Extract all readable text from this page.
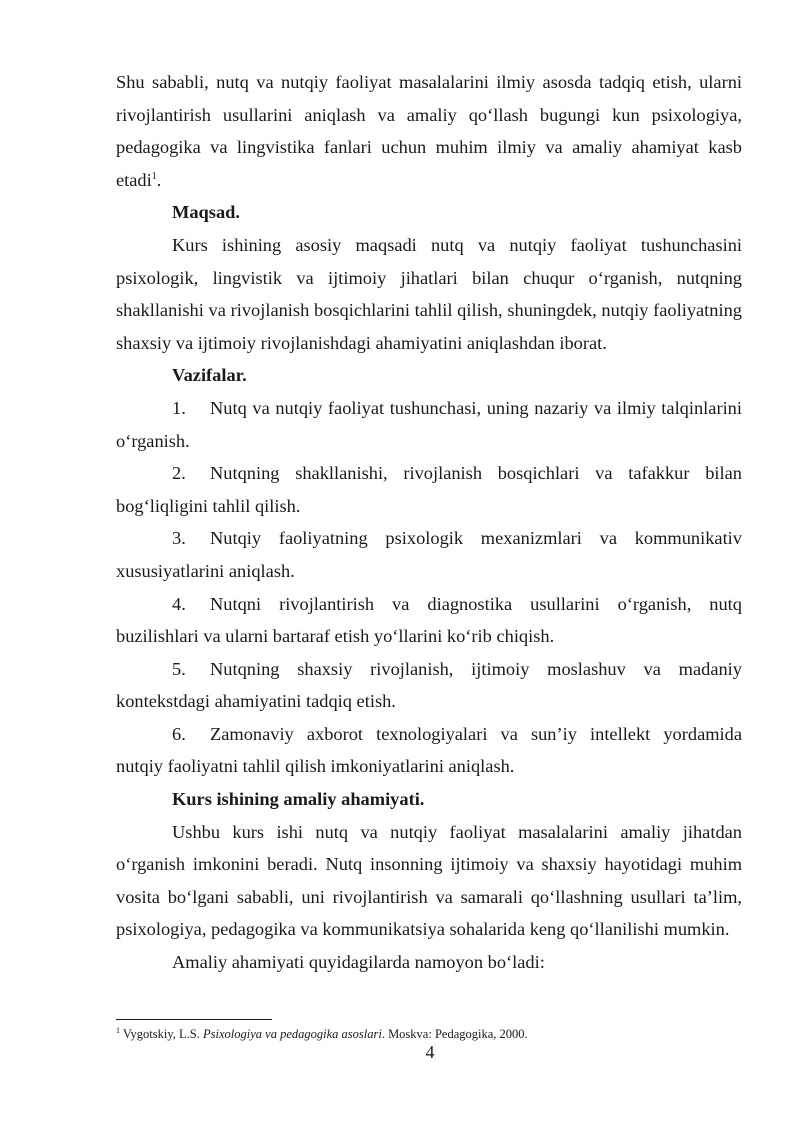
Shu sababli, nutq va nutqiy faoliyat masalalarini ilmiy asosda tadqiq etish, ularni rivojlantirish usullarini aniqlash va amaliy qo‘llash bugungi kun psixologiya, pedagogika va lingvistika fanlari uchun muhim ilmiy va amaliy ahamiyat kasb etadi$^1$.

Maqsad.

Kurs ishining asosiy maqsadi nutq va nutqiy faoliyat tushunchasini psixologik, lingvistik va ijtimoiy jihatlari bilan chuqur o‘rganish, nutqning shakllanishi va rivojlanish bosqichlarini tahlil qilish, shuningdek, nutqiy faoliyatning shaxsiy va ijtimoiy rivojlanishdagi ahamiyatini aniqlashdan iborat.

Vazifalar.

1. Nutq va nutqiy faoliyat tushunchasi, uning nazariy va ilmiy talqinlarini o‘rganish.

2. Nutqning shakllanishi, rivojlanish bosqichlari va tafakkur bilan bog‘liqligini tahlil qilish.

3. Nutqiy faoliyatning psixologik mexanizmlari va kommunikativ xususiyatlarini aniqlash.

4. Nutqni rivojlantirish va diagnostika usullarini o‘rganish, nutq buzilishlari va ularni bartaraf etish yo‘llarini ko‘rib chiqish.

5. Nutqning shaxsiy rivojlanish, ijtimoiy moslashuv va madaniy kontekstdagi ahamiyatini tadqiq etish.

6. Zamonaviy axborot texnologiyalari va sun’iy intellekt yordamida nutqiy faoliyatni tahlil qilish imkoniyatlarini aniqlash.

Kurs ishining amaliy ahamiyati.

Ushbu kurs ishi nutq va nutqiy faoliyat masalalarini amaliy jihatdan o‘rganish imkonini beradi. Nutq insonning ijtimoiy va shaxsiy hayotidagi muhim vosita bo‘lgani sababli, uni rivojlantirish va samarali qo‘llashning usullari ta’lim, psixologiya, pedagogika va kommunikatsiya sohalarida keng qo‘llanilishi mumkin.

Amaliy ahamiyati quyidagilarda namoyon bo‘ladi:

$^1$ Vygotskiy, L.S. Psixologiya va pedagogika asoslari. Moskva: Pedagogika, 2000.
4
